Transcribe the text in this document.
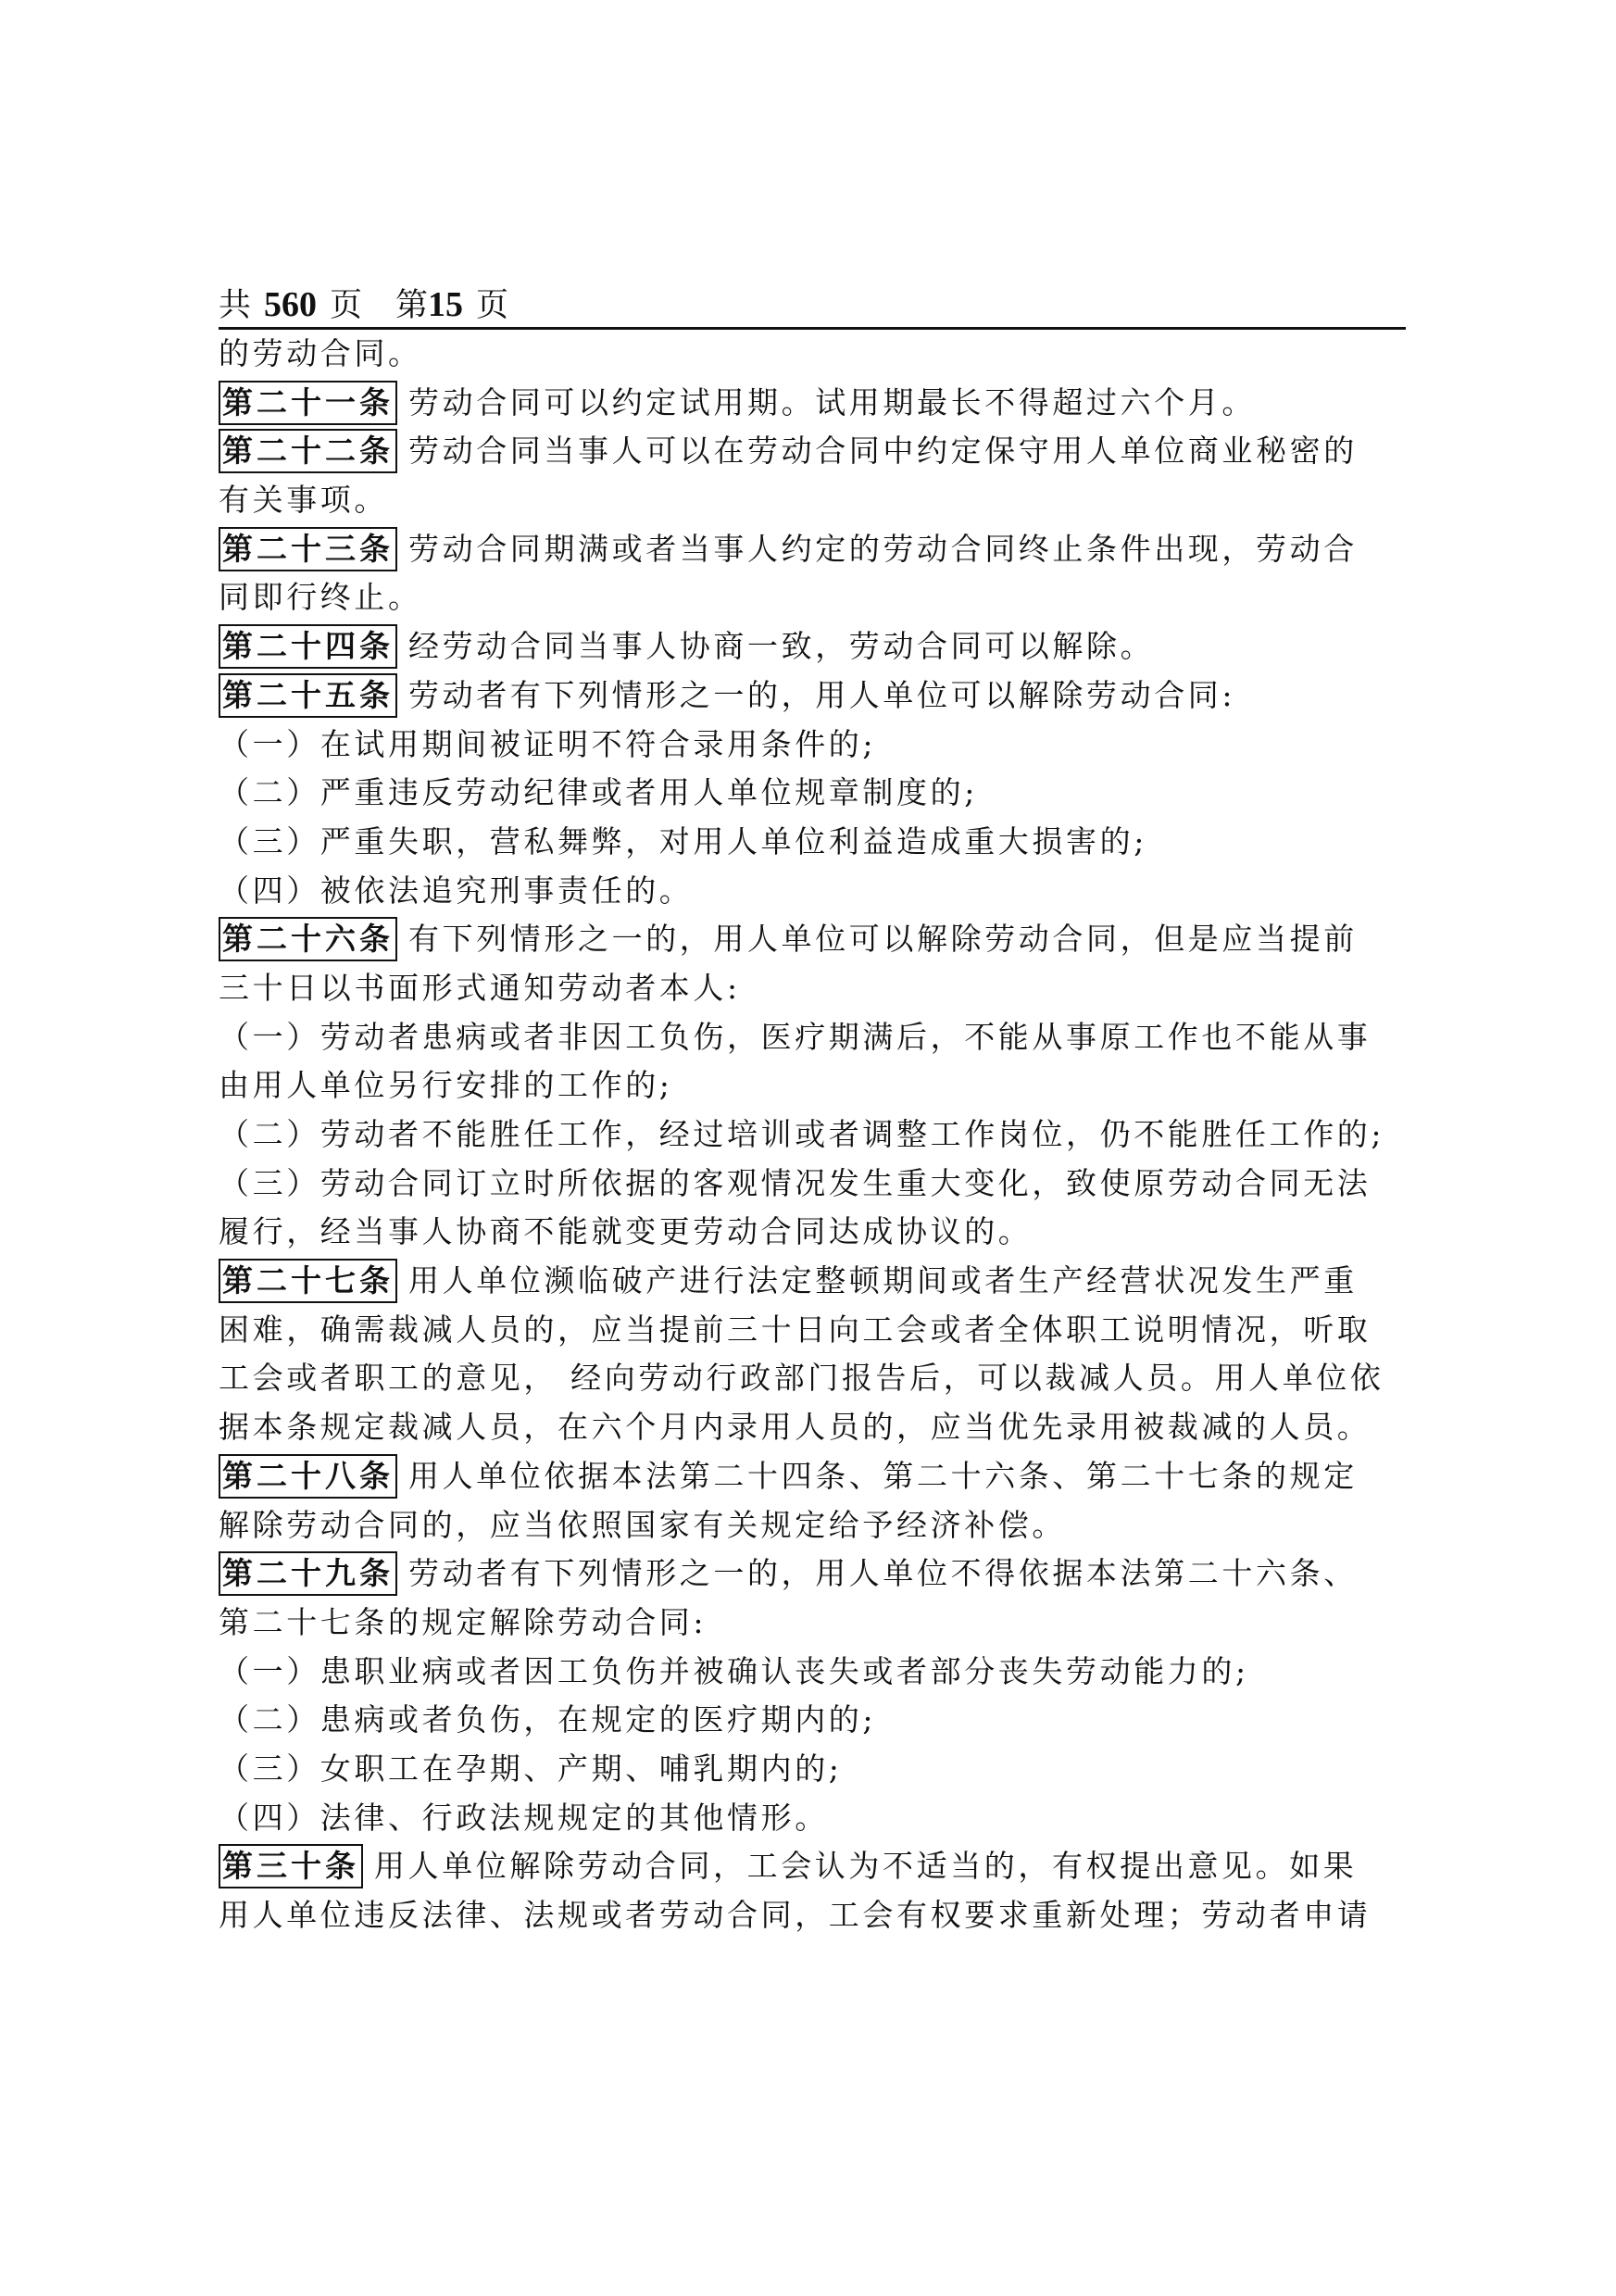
共 560 页 第15 页
的劳动合同。
第二十一条 劳动合同可以约定试用期。试用期最长不得超过六个月。
第二十二条 劳动合同当事人可以在劳动合同中约定保守用人单位商业秘密的
有关事项。
第二十三条 劳动合同期满或者当事人约定的劳动合同终止条件出现，劳动合
同即行终止。
第二十四条 经劳动合同当事人协商一致，劳动合同可以解除。
第二十五条 劳动者有下列情形之一的，用人单位可以解除劳动合同:
（一）在试用期间被证明不符合录用条件的;
（二）严重违反劳动纪律或者用人单位规章制度的;
（三）严重失职，营私舞弊，对用人单位利益造成重大损害的;
（四）被依法追究刑事责任的。
第二十六条 有下列情形之一的，用人单位可以解除劳动合同，但是应当提前
三十日以书面形式通知劳动者本人:
（一）劳动者患病或者非因工负伤，医疗期满后，不能从事原工作也不能从事
由用人单位另行安排的工作的;
（二）劳动者不能胜任工作，经过培训或者调整工作岗位，仍不能胜任工作的;
（三）劳动合同订立时所依据的客观情况发生重大变化，致使原劳动合同无法
履行，经当事人协商不能就变更劳动合同达成协议的。
第二十七条 用人单位濒临破产进行法定整顿期间或者生产经营状况发生严重
困难，确需裁减人员的，应当提前三十日向工会或者全体职工说明情况，听取
工会或者职工的意见， 经向劳动行政部门报告后，可以裁减人员。用人单位依
据本条规定裁减人员，在六个月内录用人员的，应当优先录用被裁减的人员。
第二十八条 用人单位依据本法第二十四条、第二十六条、第二十七条的规定
解除劳动合同的，应当依照国家有关规定给予经济补偿。
第二十九条 劳动者有下列情形之一的，用人单位不得依据本法第二十六条、
第二十七条的规定解除劳动合同:
（一）患职业病或者因工负伤并被确认丧失或者部分丧失劳动能力的;
（二）患病或者负伤，在规定的医疗期内的;
（三）女职工在孕期、产期、哺乳期内的;
（四）法律、行政法规规定的其他情形。
第三十条 用人单位解除劳动合同，工会认为不适当的，有权提出意见。如果
用人单位违反法律、法规或者劳动合同，工会有权要求重新处理；劳动者申请
